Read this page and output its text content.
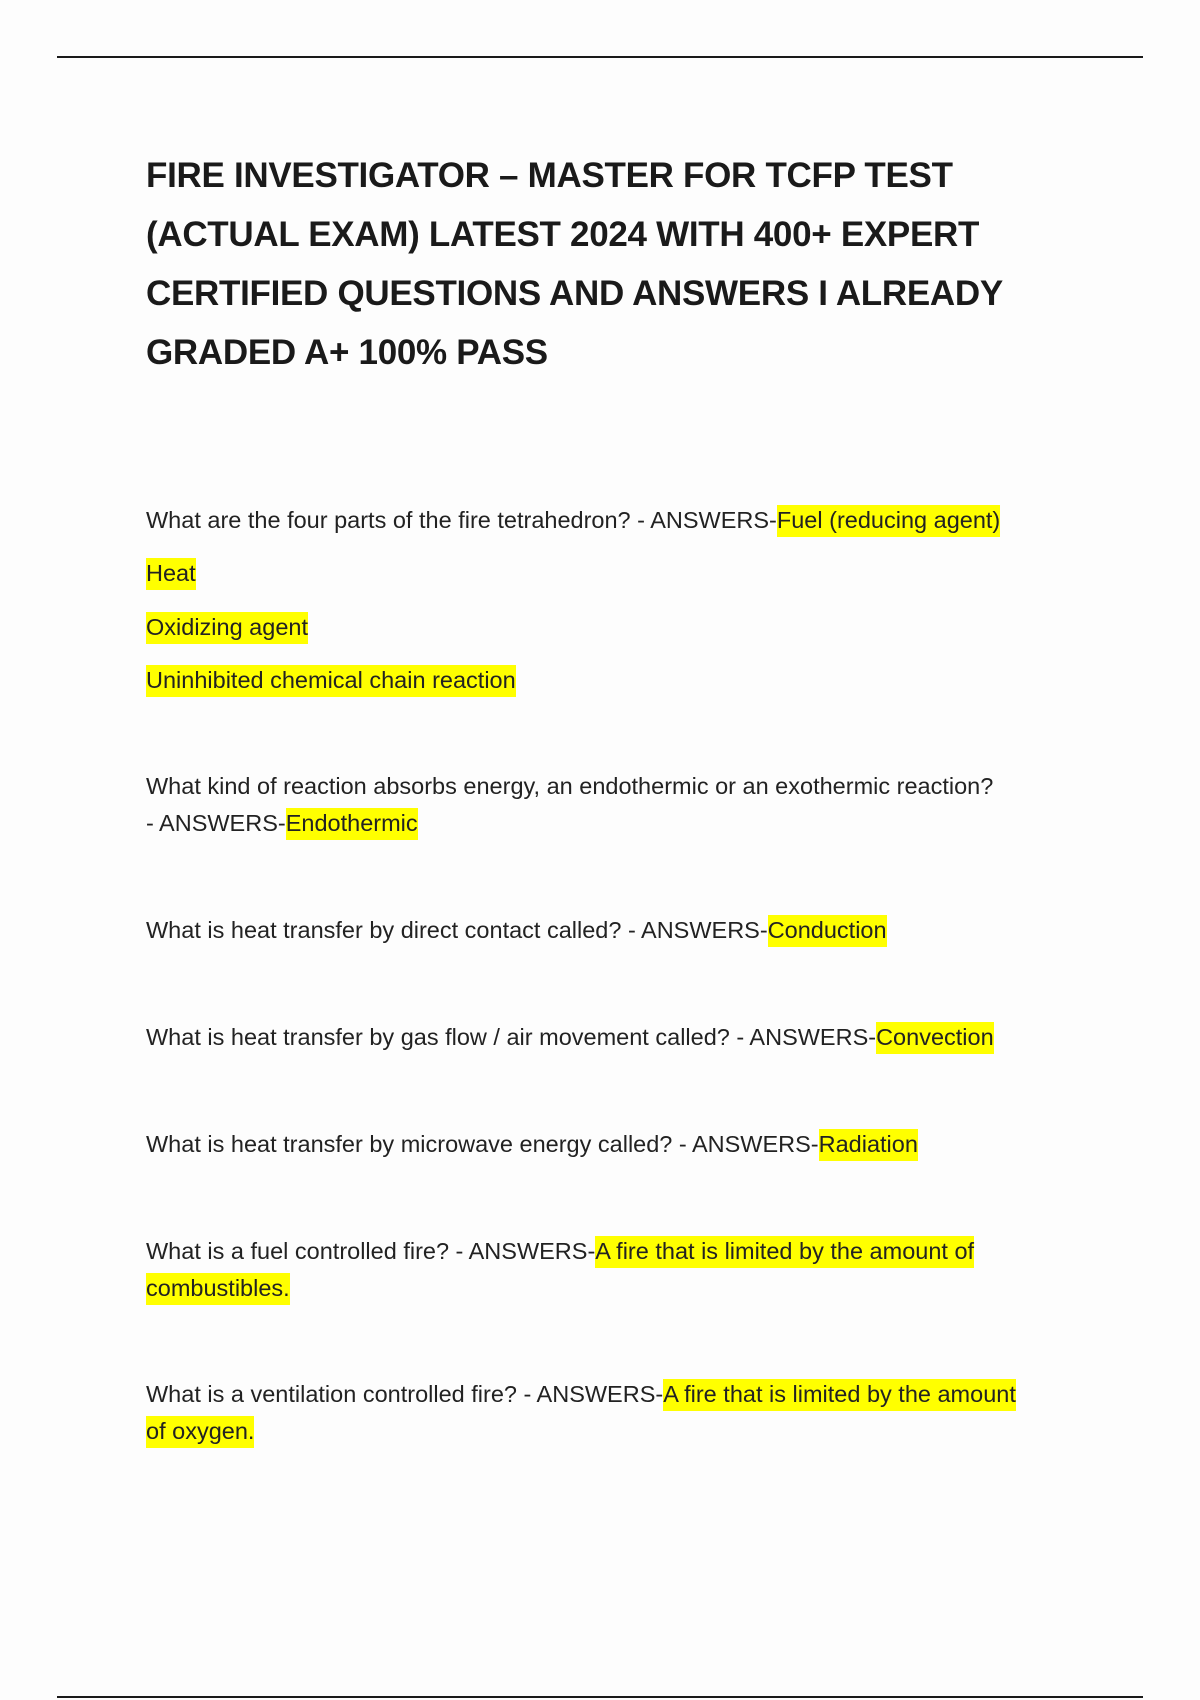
FIRE INVESTIGATOR – MASTER FOR TCFP TEST (ACTUAL EXAM) LATEST 2024 WITH 400+ EXPERT CERTIFIED QUESTIONS AND ANSWERS I ALREADY GRADED A+ 100% PASS
What are the four parts of the fire tetrahedron? - ANSWERS-Fuel (reducing agent)
Heat
Oxidizing agent
Uninhibited chemical chain reaction
What kind of reaction absorbs energy, an endothermic or an exothermic reaction? - ANSWERS-Endothermic
What is heat transfer by direct contact called? - ANSWERS-Conduction
What is heat transfer by gas flow / air movement called? - ANSWERS-Convection
What is heat transfer by microwave energy called? - ANSWERS-Radiation
What is a fuel controlled fire? - ANSWERS-A fire that is limited by the amount of combustibles.
What is a ventilation controlled fire? - ANSWERS-A fire that is limited by the amount of oxygen.
